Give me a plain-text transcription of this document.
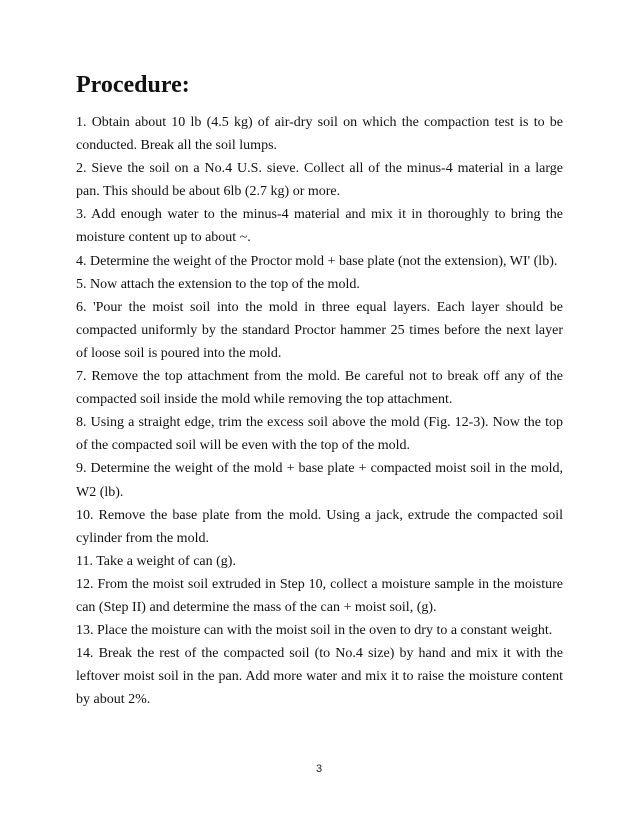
Procedure:

1. Obtain about 10 lb (4.5 kg) of air-dry soil on which the compaction test is to be conducted. Break all the soil lumps.

2. Sieve the soil on a No.4 U.S. sieve. Collect all of the minus-4 material in a large pan. This should be about 6lb (2.7 kg) or more.

3. Add enough water to the minus-4 material and mix it in thoroughly to bring the moisture content up to about ~.

4. Determine the weight of the Proctor mold + base plate (not the extension), WI' (lb).

5. Now attach the extension to the top of the mold.

6. 'Pour the moist soil into the mold in three equal layers. Each layer should be compacted uniformly by the standard Proctor hammer 25 times before the next layer of loose soil is poured into the mold.

7. Remove the top attachment from the mold. Be careful not to break off any of the compacted soil inside the mold while removing the top attachment.

8. Using a straight edge, trim the excess soil above the mold (Fig. 12-3). Now the top of the compacted soil will be even with the top of the mold.

9. Determine the weight of the mold + base plate + compacted moist soil in the mold, W2 (lb).

10. Remove the base plate from the mold. Using a jack, extrude the compacted soil cylinder from the mold.

11. Take a weight of can (g).

12. From the moist soil extruded in Step 10, collect a moisture sample in the moisture can (Step II) and determine the mass of the can + moist soil, (g).

13. Place the moisture can with the moist soil in the oven to dry to a constant weight.

14. Break the rest of the compacted soil (to No.4 size) by hand and mix it with the leftover moist soil in the pan. Add more water and mix it to raise the moisture content by about 2%.

3
